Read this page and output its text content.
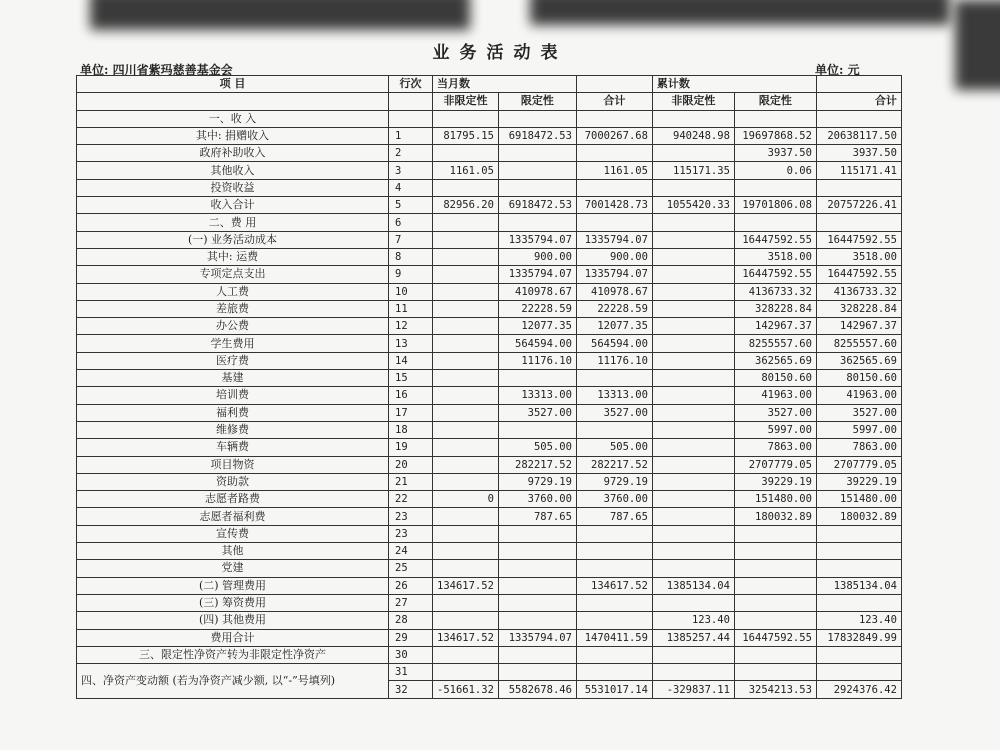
业务活动表
单位: 四川省紫玛慈善基金会	单位: 元
项 目	行次	当月数			累计数		
		非限定性	限定性	合计	非限定性	限定性	合计
一、收 入							
其中: 捐赠收入	1	81795.15	6918472.53	7000267.68	940248.98	19697868.52	20638117.50
政府补助收入	2					3937.50	3937.50
其他收入	3	1161.05		1161.05	115171.35	0.06	115171.41
投资收益	4						
收入合计	5	82956.20	6918472.53	7001428.73	1055420.33	19701806.08	20757226.41
二、费 用	6						
(一) 业务活动成本	7		1335794.07	1335794.07		16447592.55	16447592.55
其中: 运费	8		900.00	900.00		3518.00	3518.00
专项定点支出	9		1335794.07	1335794.07		16447592.55	16447592.55
人工费	10		410978.67	410978.67		4136733.32	4136733.32
差旅费	11		22228.59	22228.59		328228.84	328228.84
办公费	12		12077.35	12077.35		142967.37	142967.37
学生费用	13		564594.00	564594.00		8255557.60	8255557.60
医疗费	14		11176.10	11176.10		362565.69	362565.69
基建	15					80150.60	80150.60
培训费	16		13313.00	13313.00		41963.00	41963.00
福利费	17		3527.00	3527.00		3527.00	3527.00
维修费	18					5997.00	5997.00
车辆费	19		505.00	505.00		7863.00	7863.00
项目物资	20		282217.52	282217.52		2707779.05	2707779.05
资助款	21		9729.19	9729.19		39229.19	39229.19
志愿者路费	22	0	3760.00	3760.00		151480.00	151480.00
志愿者福利费	23		787.65	787.65		180032.89	180032.89
宣传费	23						
其他	24						
党建	25						
(二) 管理费用	26	134617.52		134617.52	1385134.04		1385134.04
(三) 筹资费用	27						
(四) 其他费用	28				123.40		123.40
费用合计	29	134617.52	1335794.07	1470411.59	1385257.44	16447592.55	17832849.99
三、限定性净资产转为非限定性净资产	30						
四、净资产变动额 (若为净资产减少额, 以“-”号填列)	31						
	32	-51661.32	5582678.46	5531017.14	-329837.11	3254213.53	2924376.42
